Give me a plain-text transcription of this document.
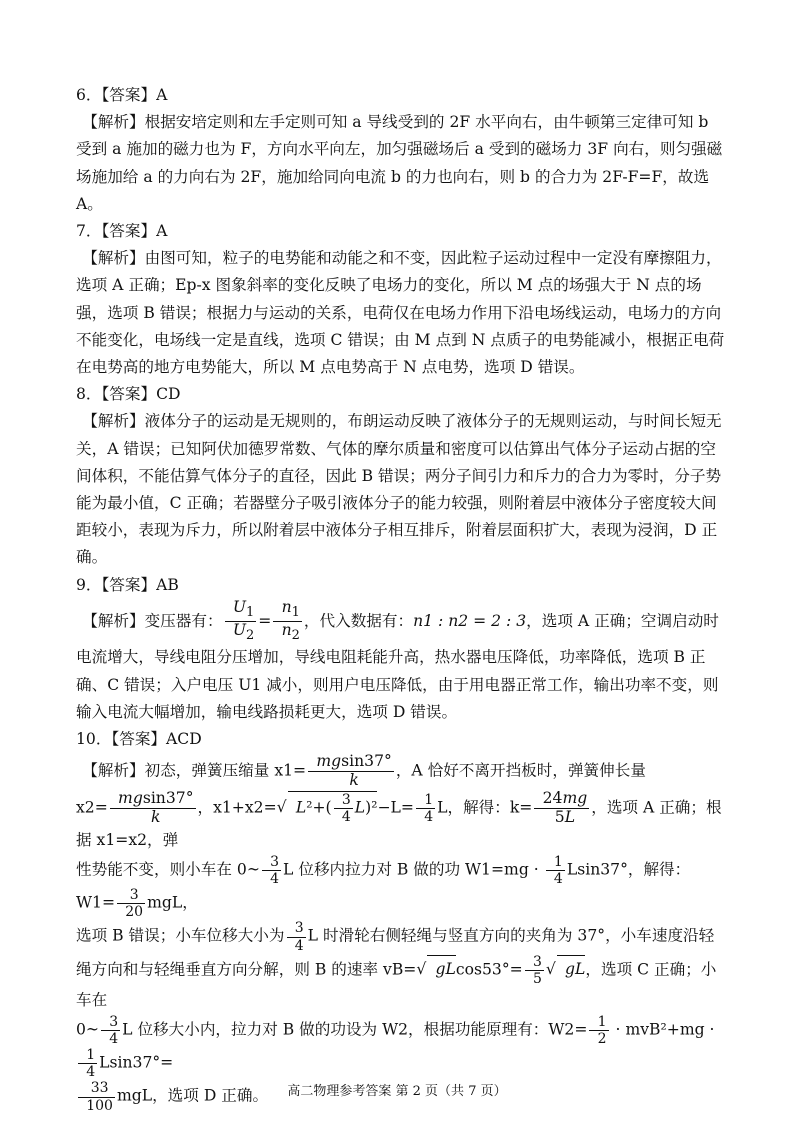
6．【答案】A

【解析】根据安培定则和左手定则可知 a 导线受到的 2F 水平向右，由牛顿第三定律可知 b 受到 a 施加的磁力也为 F，方向水平向左，加匀强磁场后 a 受到的磁场力 3F 向右，则匀强磁场施加给 a 的力向右为 2F，施加给同向电流 b 的力也向右，则 b 的合力为 2F-F=F，故选 A。

7．【答案】A

【解析】由图可知，粒子的电势能和动能之和不变，因此粒子运动过程中一定没有摩擦阻力，选项 A 正确；Ep-x 图象斜率的变化反映了电场力的变化，所以 M 点的场强大于 N 点的场强，选项 B 错误；根据力与运动的关系，电荷仅在电场力作用下沿电场线运动，电场力的方向不能变化，电场线一定是直线，选项 C 错误；由 M 点到 N 点质子的电势能减小，根据正电荷在电势高的地方电势能大，所以 M 点电势高于 N 点电势，选项 D 错误。

8．【答案】CD

【解析】液体分子的运动是无规则的，布朗运动反映了液体分子的无规则运动，与时间长短无关，A 错误；已知阿伏加德罗常数、气体的摩尔质量和密度可以估算出气体分子运动占据的空间体积，不能估算气体分子的直径，因此 B 错误；两分子间引力和斥力的合力为零时，分子势能为最小值，C 正确；若器壁分子吸引液体分子的能力较强，则附着层中液体分子密度较大间距较小，表现为斥力，所以附着层中液体分子相互排斥，附着层面积扩大，表现为浸润，D 正确。

9．【答案】AB

【解析】变压器有： $\frac{U_1}{U_2} = \frac{n_1}{n_2}$ ，代入数据有：n1 : n2 = 2 : 3，选项 A 正确；空调启动时电流增大，导线电阻分压增加，导线电阻耗能升高，热水器电压降低，功率降低，选项 B 正确、C 错误；入户电压 U1 减小，则用户电压降低，由于用电器正常工作，输出功率不变，则输入电流大幅增加，输电线路损耗更大，选项 D 错误。

10．【答案】ACD

【解析】初态，弹簧压缩量 $x1= \frac{mgsin37^\circ}{k}$ ，A 恰好不离开挡板时，弹簧伸长量
$x2= \frac{mgsin37^\circ}{k}$ ，x1+x2=√ $L^2+( \frac{3}{4} L)^2-L= \frac{1}{4}$ L，解得：$k= \frac{24mg}{5L}$ ，选项 A 正确；根据 x1=x2，弹
性势能不变，则小车在 0~ $\frac{3}{4}$ L 位移内拉力对 B 做的功 $W1=mg \cdot \frac{1}{4} Lsin37^\circ$，解得：$W1= \frac{3}{20}$ mgL，
选项 B 错误；小车位移大小为 $\frac{3}{4}$ L 时滑轮右侧轻绳与竖直方向的夹角为 37°，小车速度沿轻
绳方向和与轻绳垂直方向分解，则 B 的速率 vB=√ $gLcos53^\circ= \frac{3}{5}$ √ gL，选项 C 正确；小车在
0~ $\frac{3}{4}$ L 位移大小内，拉力对 B 做的功设为 W2，根据功能原理有：$W2= \frac{1}{2} \cdot mvB^2+mg$ ·
$\frac{1}{4} Lsin37^\circ=$

$\frac{33}{100}$ mgL，选项 D 正确。	高二物理参考答案 第 2 页（共 7 页）
